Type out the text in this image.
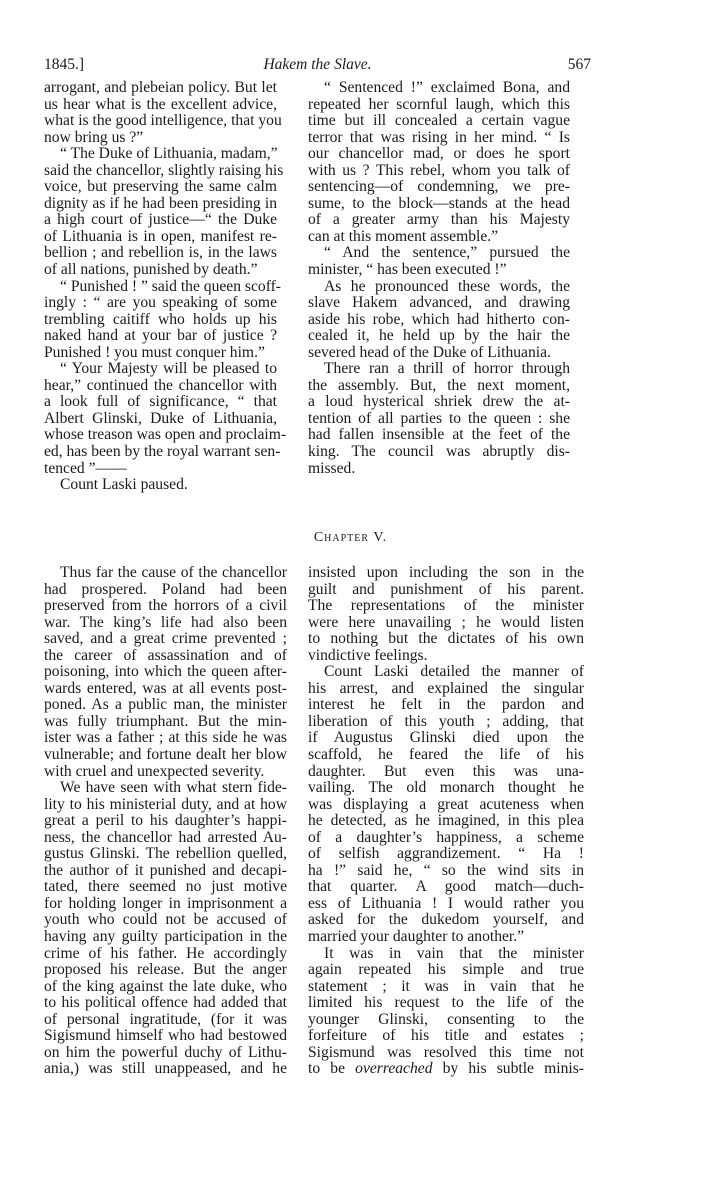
1845.]	Hakem the Slave.	567
arrogant, and plebeian policy. But let
us hear what is the excellent advice,
what is the good intelligence, that you
now bring us ?”
“ The Duke of Lithuania, madam,”
said the chancellor, slightly raising his
voice, but preserving the same calm
dignity as if he had been presiding in
a high court of justice—“ the Duke
of Lithuania is in open, manifest re-
bellion ; and rebellion is, in the laws
of all nations, punished by death.”
“ Punished ! ” said the queen scoff-
ingly : “ are you speaking of some
trembling caitiff who holds up his
naked hand at your bar of justice ?
Punished ! you must conquer him.”
“ Your Majesty will be pleased to
hear,” continued the chancellor with
a look full of significance, “ that
Albert Glinski, Duke of Lithuania,
whose treason was open and proclaim-
ed, has been by the royal warrant sen-
tenced ”——
Count Laski paused.
“ Sentenced !” exclaimed Bona, and
repeated her scornful laugh, which this
time but ill concealed a certain vague
terror that was rising in her mind. “ Is
our chancellor mad, or does he sport
with us ? This rebel, whom you talk of
sentencing—of condemning, we pre-
sume, to the block—stands at the head
of a greater army than his Majesty
can at this moment assemble.”
“ And the sentence,” pursued the
minister, “ has been executed !”
As he pronounced these words, the
slave Hakem advanced, and drawing
aside his robe, which had hitherto con-
cealed it, he held up by the hair the
severed head of the Duke of Lithuania.
There ran a thrill of horror through
the assembly. But, the next moment,
a loud hysterical shriek drew the at-
tention of all parties to the queen : she
had fallen insensible at the feet of the
king. The council was abruptly dis-
missed.
Chapter V.
Thus far the cause of the chancellor
had prospered. Poland had been
preserved from the horrors of a civil
war. The king’s life had also been
saved, and a great crime prevented ;
the career of assassination and of
poisoning, into which the queen after-
wards entered, was at all events post-
poned. As a public man, the minister
was fully triumphant. But the min-
ister was a father ; at this side he was
vulnerable; and fortune dealt her blow
with cruel and unexpected severity.
We have seen with what stern fide-
lity to his ministerial duty, and at how
great a peril to his daughter’s happi-
ness, the chancellor had arrested Au-
gustus Glinski. The rebellion quelled,
the author of it punished and decapi-
tated, there seemed no just motive
for holding longer in imprisonment a
youth who could not be accused of
having any guilty participation in the
crime of his father. He accordingly
proposed his release. But the anger
of the king against the late duke, who
to his political offence had added that
of personal ingratitude, (for it was
Sigismund himself who had bestowed
on him the powerful duchy of Lithu-
ania,) was still unappeased, and he
insisted upon including the son in the
guilt and punishment of his parent.
The representations of the minister
were here unavailing ; he would listen
to nothing but the dictates of his own
vindictive feelings.
Count Laski detailed the manner of
his arrest, and explained the singular
interest he felt in the pardon and
liberation of this youth ; adding, that
if Augustus Glinski died upon the
scaffold, he feared the life of his
daughter. But even this was una-
vailing. The old monarch thought he
was displaying a great acuteness when
he detected, as he imagined, in this plea
of a daughter’s happiness, a scheme
of selfish aggrandizement. “ Ha !
ha !” said he, “ so the wind sits in
that quarter. A good match—duch-
ess of Lithuania ! I would rather you
asked for the dukedom yourself, and
married your daughter to another.”
It was in vain that the minister
again repeated his simple and true
statement ; it was in vain that he
limited his request to the life of the
younger Glinski, consenting to the
forfeiture of his title and estates ;
Sigismund was resolved this time not
to be overreached by his subtle minis-
